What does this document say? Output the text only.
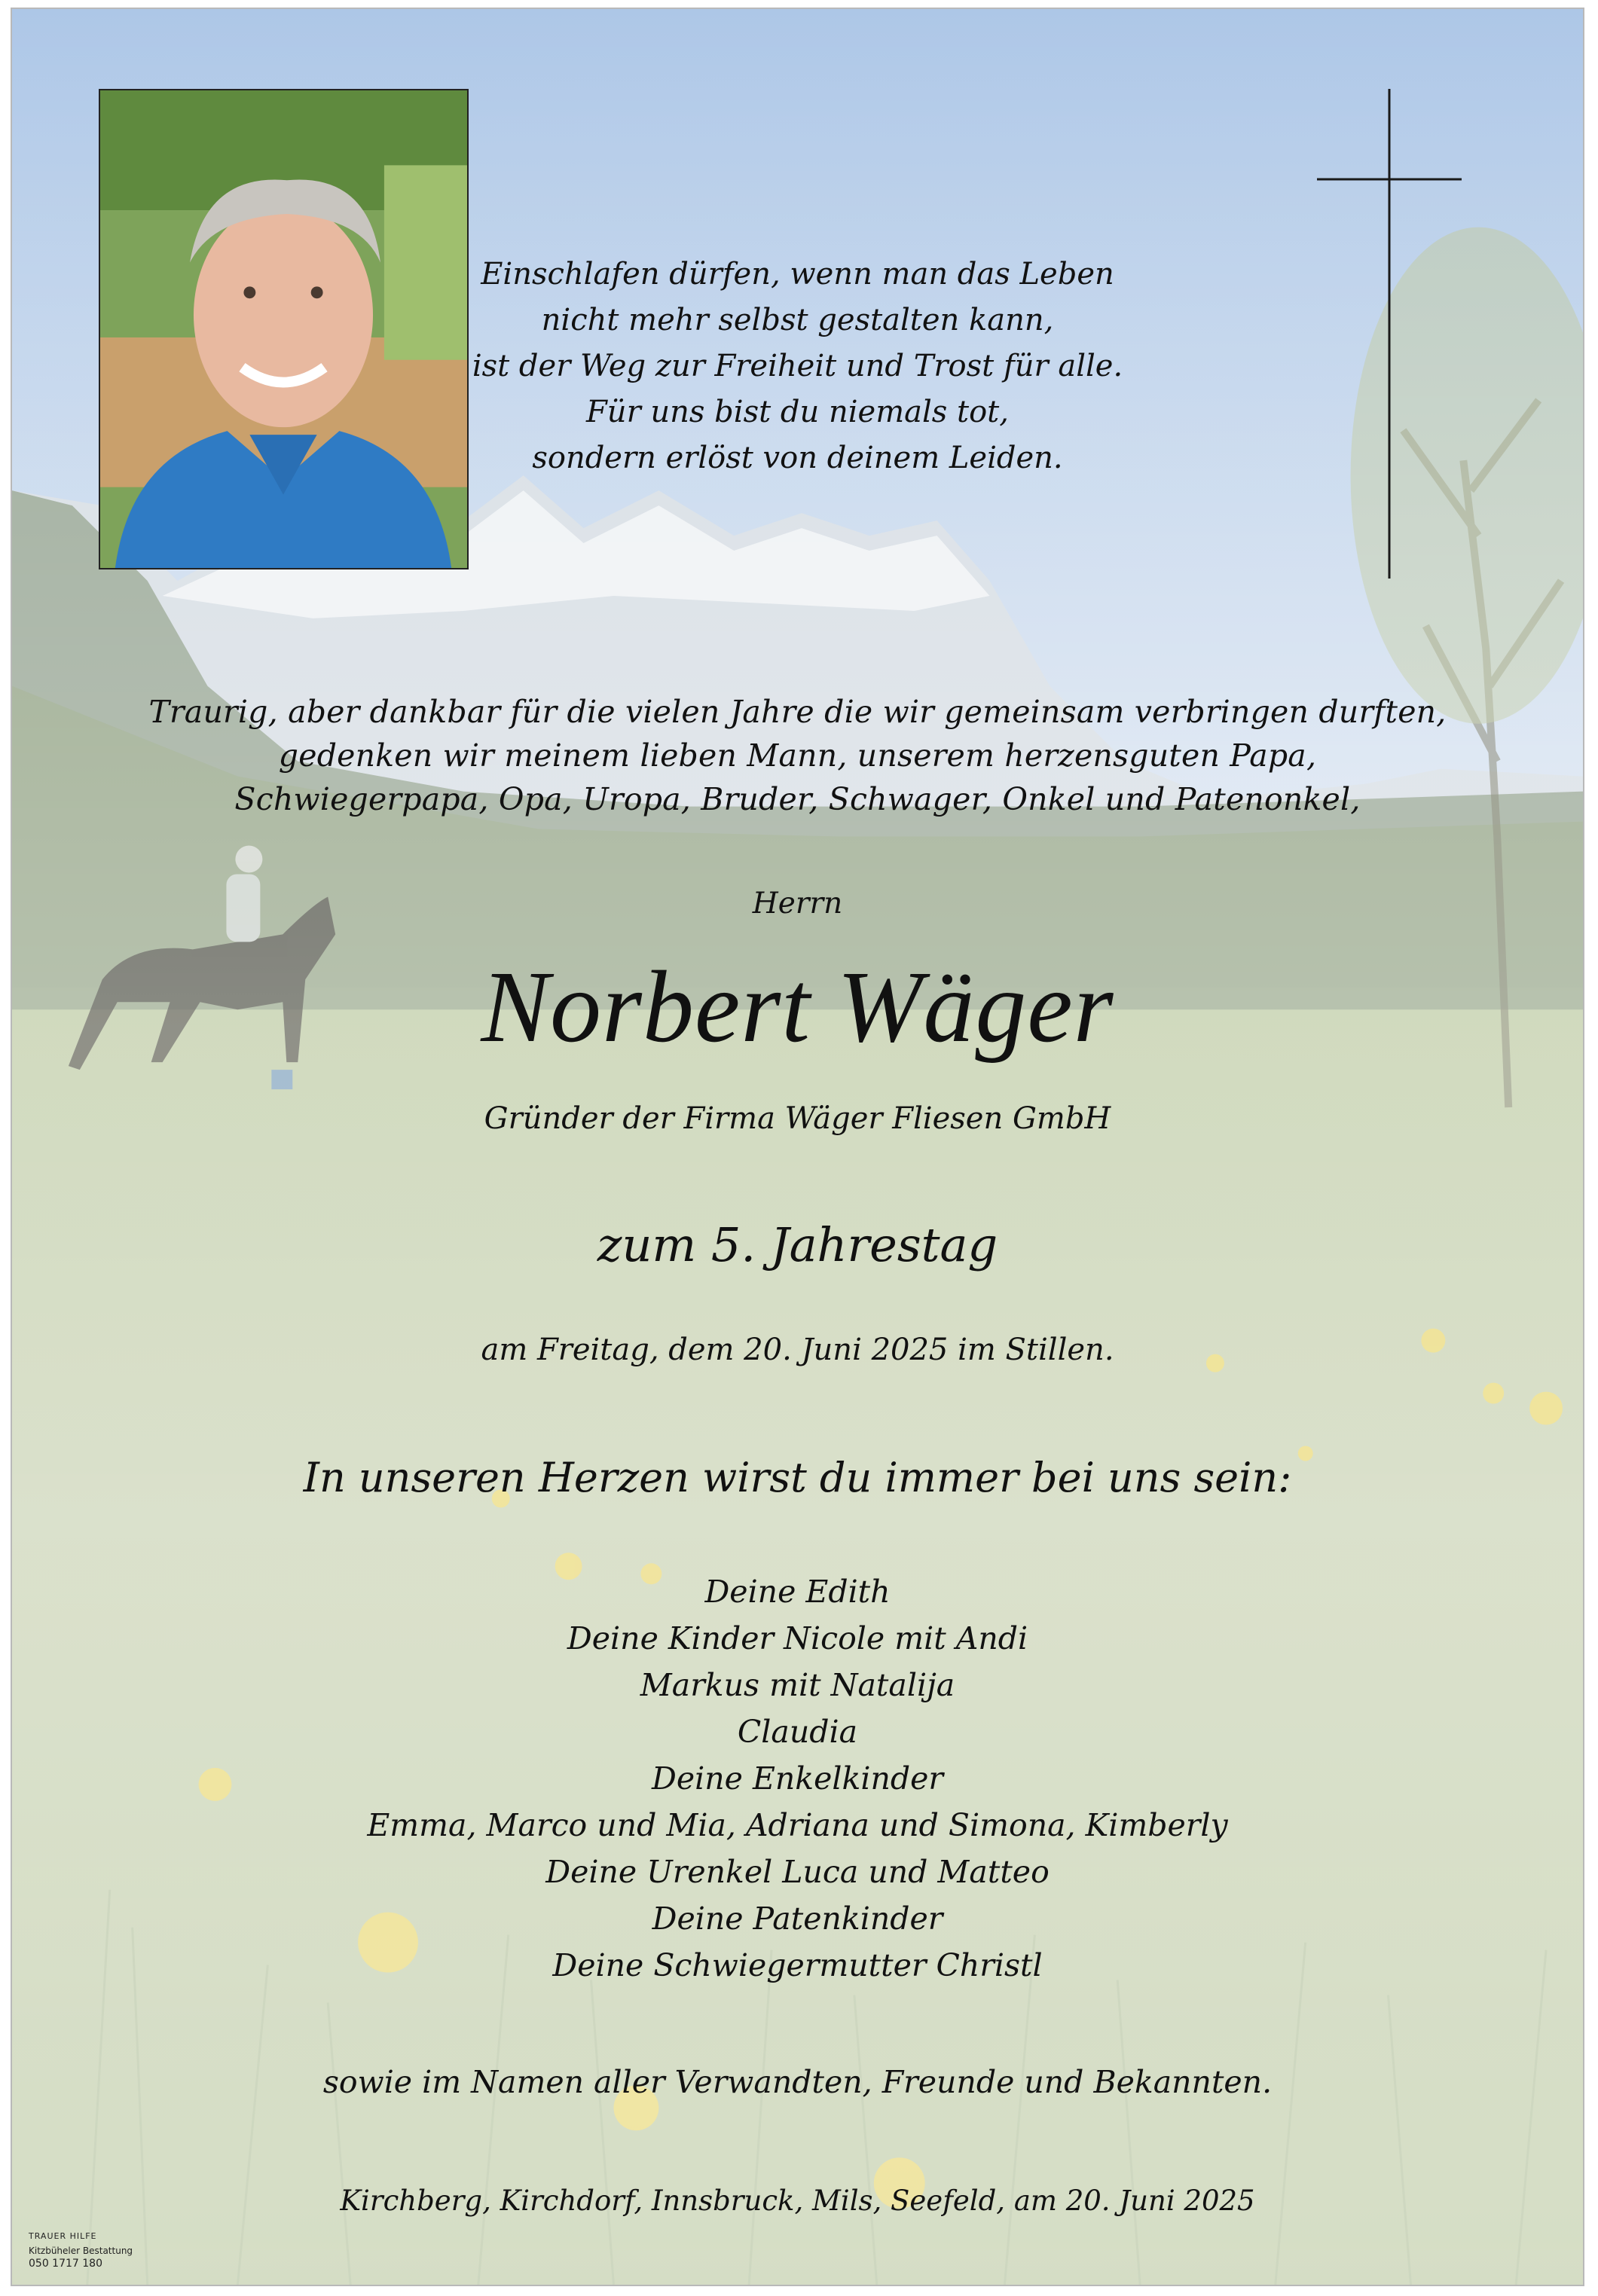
Einschlafen dürfen, wenn man das Leben
nicht mehr selbst gestalten kann,
ist der Weg zur Freiheit und Trost für alle.
Für uns bist du niemals tot,
sondern erlöst von deinem Leiden.
Traurig, aber dankbar für die vielen Jahre die wir gemeinsam verbringen durften,
gedenken wir meinem lieben Mann, unserem herzensguten Papa,
Schwiegerpapa, Opa, Uropa, Bruder, Schwager, Onkel und Patenonkel,
Herrn
Norbert Wäger
Gründer der Firma Wäger Fliesen GmbH
zum 5. Jahrestag
am Freitag, dem 20. Juni 2025 im Stillen.
In unseren Herzen wirst du immer bei uns sein:
Deine Edith
Deine Kinder Nicole mit Andi
Markus mit Natalija
Claudia
Deine Enkelkinder
Emma, Marco und Mia, Adriana und Simona, Kimberly
Deine Urenkel Luca und Matteo
Deine Patenkinder
Deine Schwiegermutter Christl
sowie im Namen aller Verwandten, Freunde und Bekannten.
Kirchberg, Kirchdorf, Innsbruck, Mils, Seefeld, am 20. Juni 2025
TRAUER HILFE
Kitzbüheler Bestattung
050 1717 180
